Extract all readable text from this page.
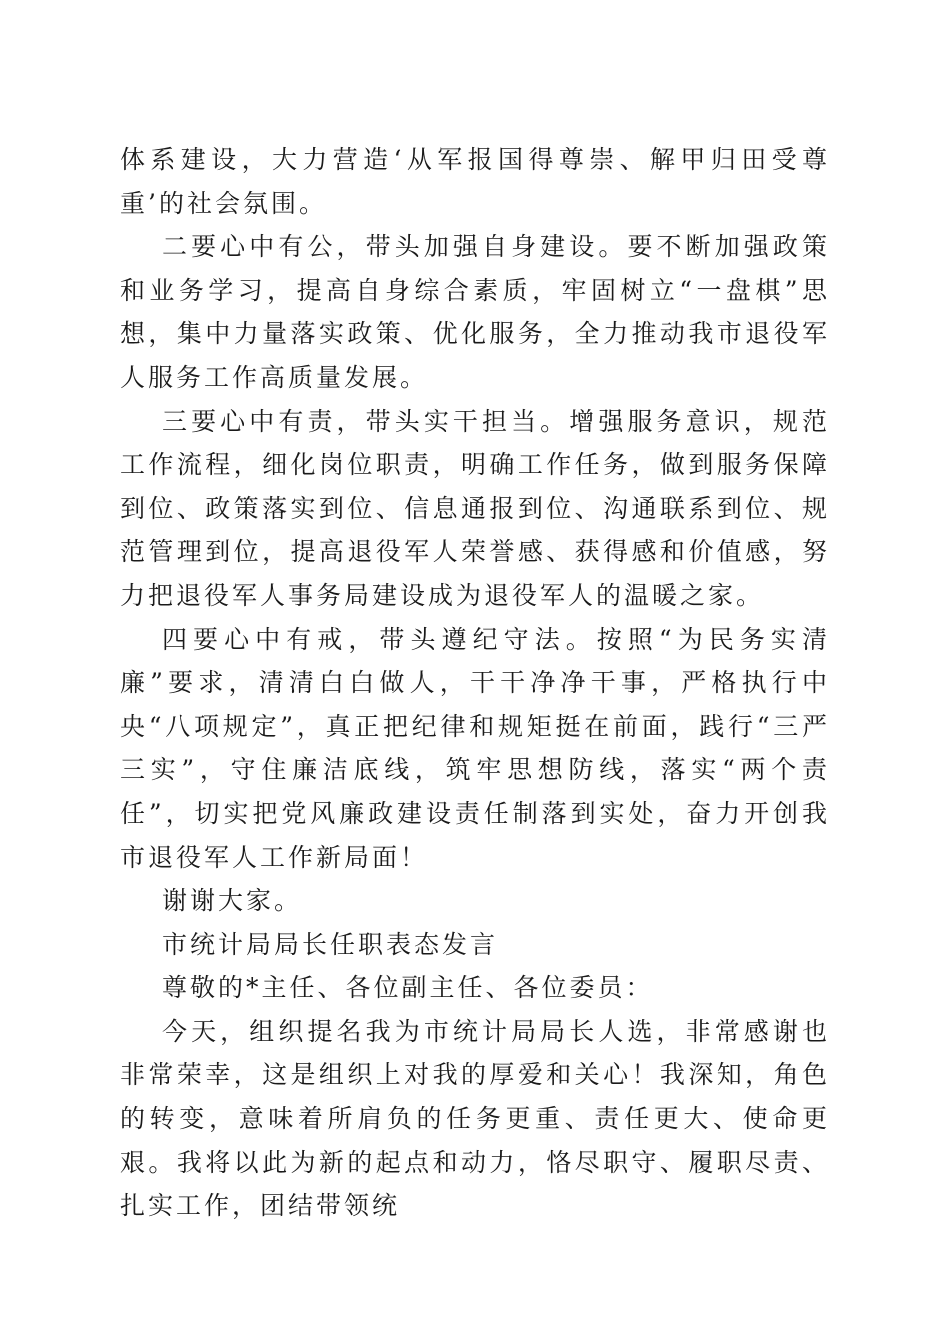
体系建设，大力营造‘从军报国得尊崇、解甲归田受尊重’的社会氛围。

二要心中有公，带头加强自身建设。要不断加强政策和业务学习，提高自身综合素质，牢固树立“一盘棋”思想，集中力量落实政策、优化服务，全力推动我市退役军人服务工作高质量发展。

三要心中有责，带头实干担当。增强服务意识，规范工作流程，细化岗位职责，明确工作任务，做到服务保障到位、政策落实到位、信息通报到位、沟通联系到位、规范管理到位，提高退役军人荣誉感、获得感和价值感，努力把退役军人事务局建设成为退役军人的温暖之家。

四要心中有戒，带头遵纪守法。按照“为民务实清廉”要求，清清白白做人，干干净净干事，严格执行中央“八项规定”，真正把纪律和规矩挺在前面，践行“三严三实”，守住廉洁底线，筑牢思想防线，落实“两个责任”，切实把党风廉政建设责任制落到实处，奋力开创我市退役军人工作新局面！

谢谢大家。

市统计局局长任职表态发言

尊敬的*主任、各位副主任、各位委员：

今天，组织提名我为市统计局局长人选，非常感谢也非常荣幸，这是组织上对我的厚爱和关心！我深知，角色的转变，意味着所肩负的任务更重、责任更大、使命更艰。我将以此为新的起点和动力，恪尽职守、履职尽责、扎实工作，团结带领统
